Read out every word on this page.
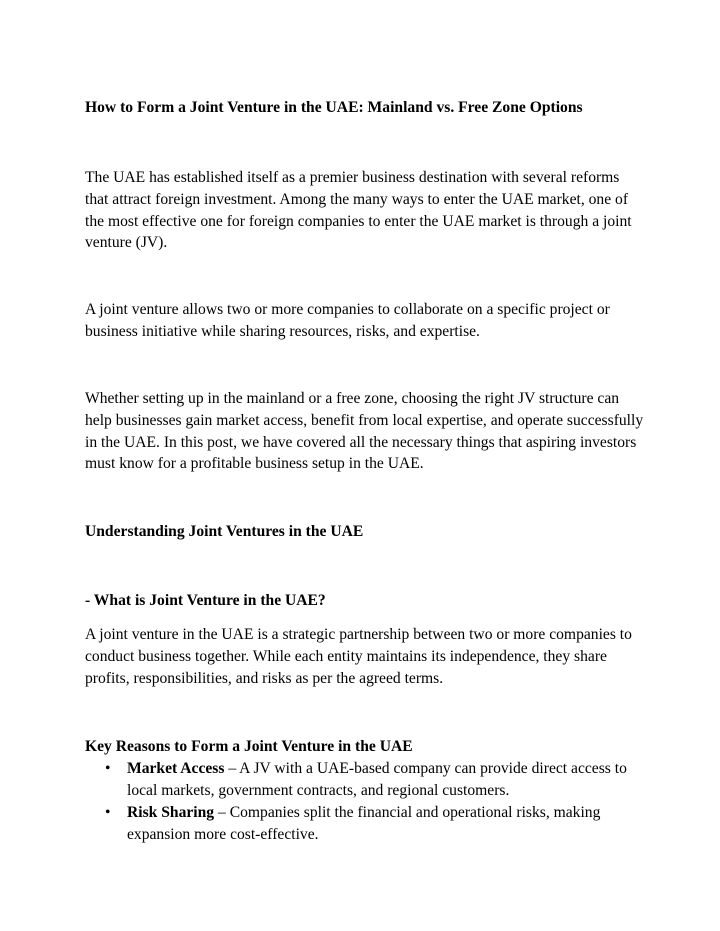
How to Form a Joint Venture in the UAE: Mainland vs. Free Zone Options

The UAE has established itself as a premier business destination with several reforms that attract foreign investment. Among the many ways to enter the UAE market, one of the most effective one for foreign companies to enter the UAE market is through a joint venture (JV).

A joint venture allows two or more companies to collaborate on a specific project or business initiative while sharing resources, risks, and expertise.

Whether setting up in the mainland or a free zone, choosing the right JV structure can help businesses gain market access, benefit from local expertise, and operate successfully in the UAE. In this post, we have covered all the necessary things that aspiring investors must know for a profitable business setup in the UAE.

Understanding Joint Ventures in the UAE

- What is Joint Venture in the UAE?

A joint venture in the UAE is a strategic partnership between two or more companies to conduct business together. While each entity maintains its independence, they share profits, responsibilities, and risks as per the agreed terms.

Key Reasons to Form a Joint Venture in the UAE

• Market Access – A JV with a UAE-based company can provide direct access to local markets, government contracts, and regional customers.
• Risk Sharing – Companies split the financial and operational risks, making expansion more cost-effective.
